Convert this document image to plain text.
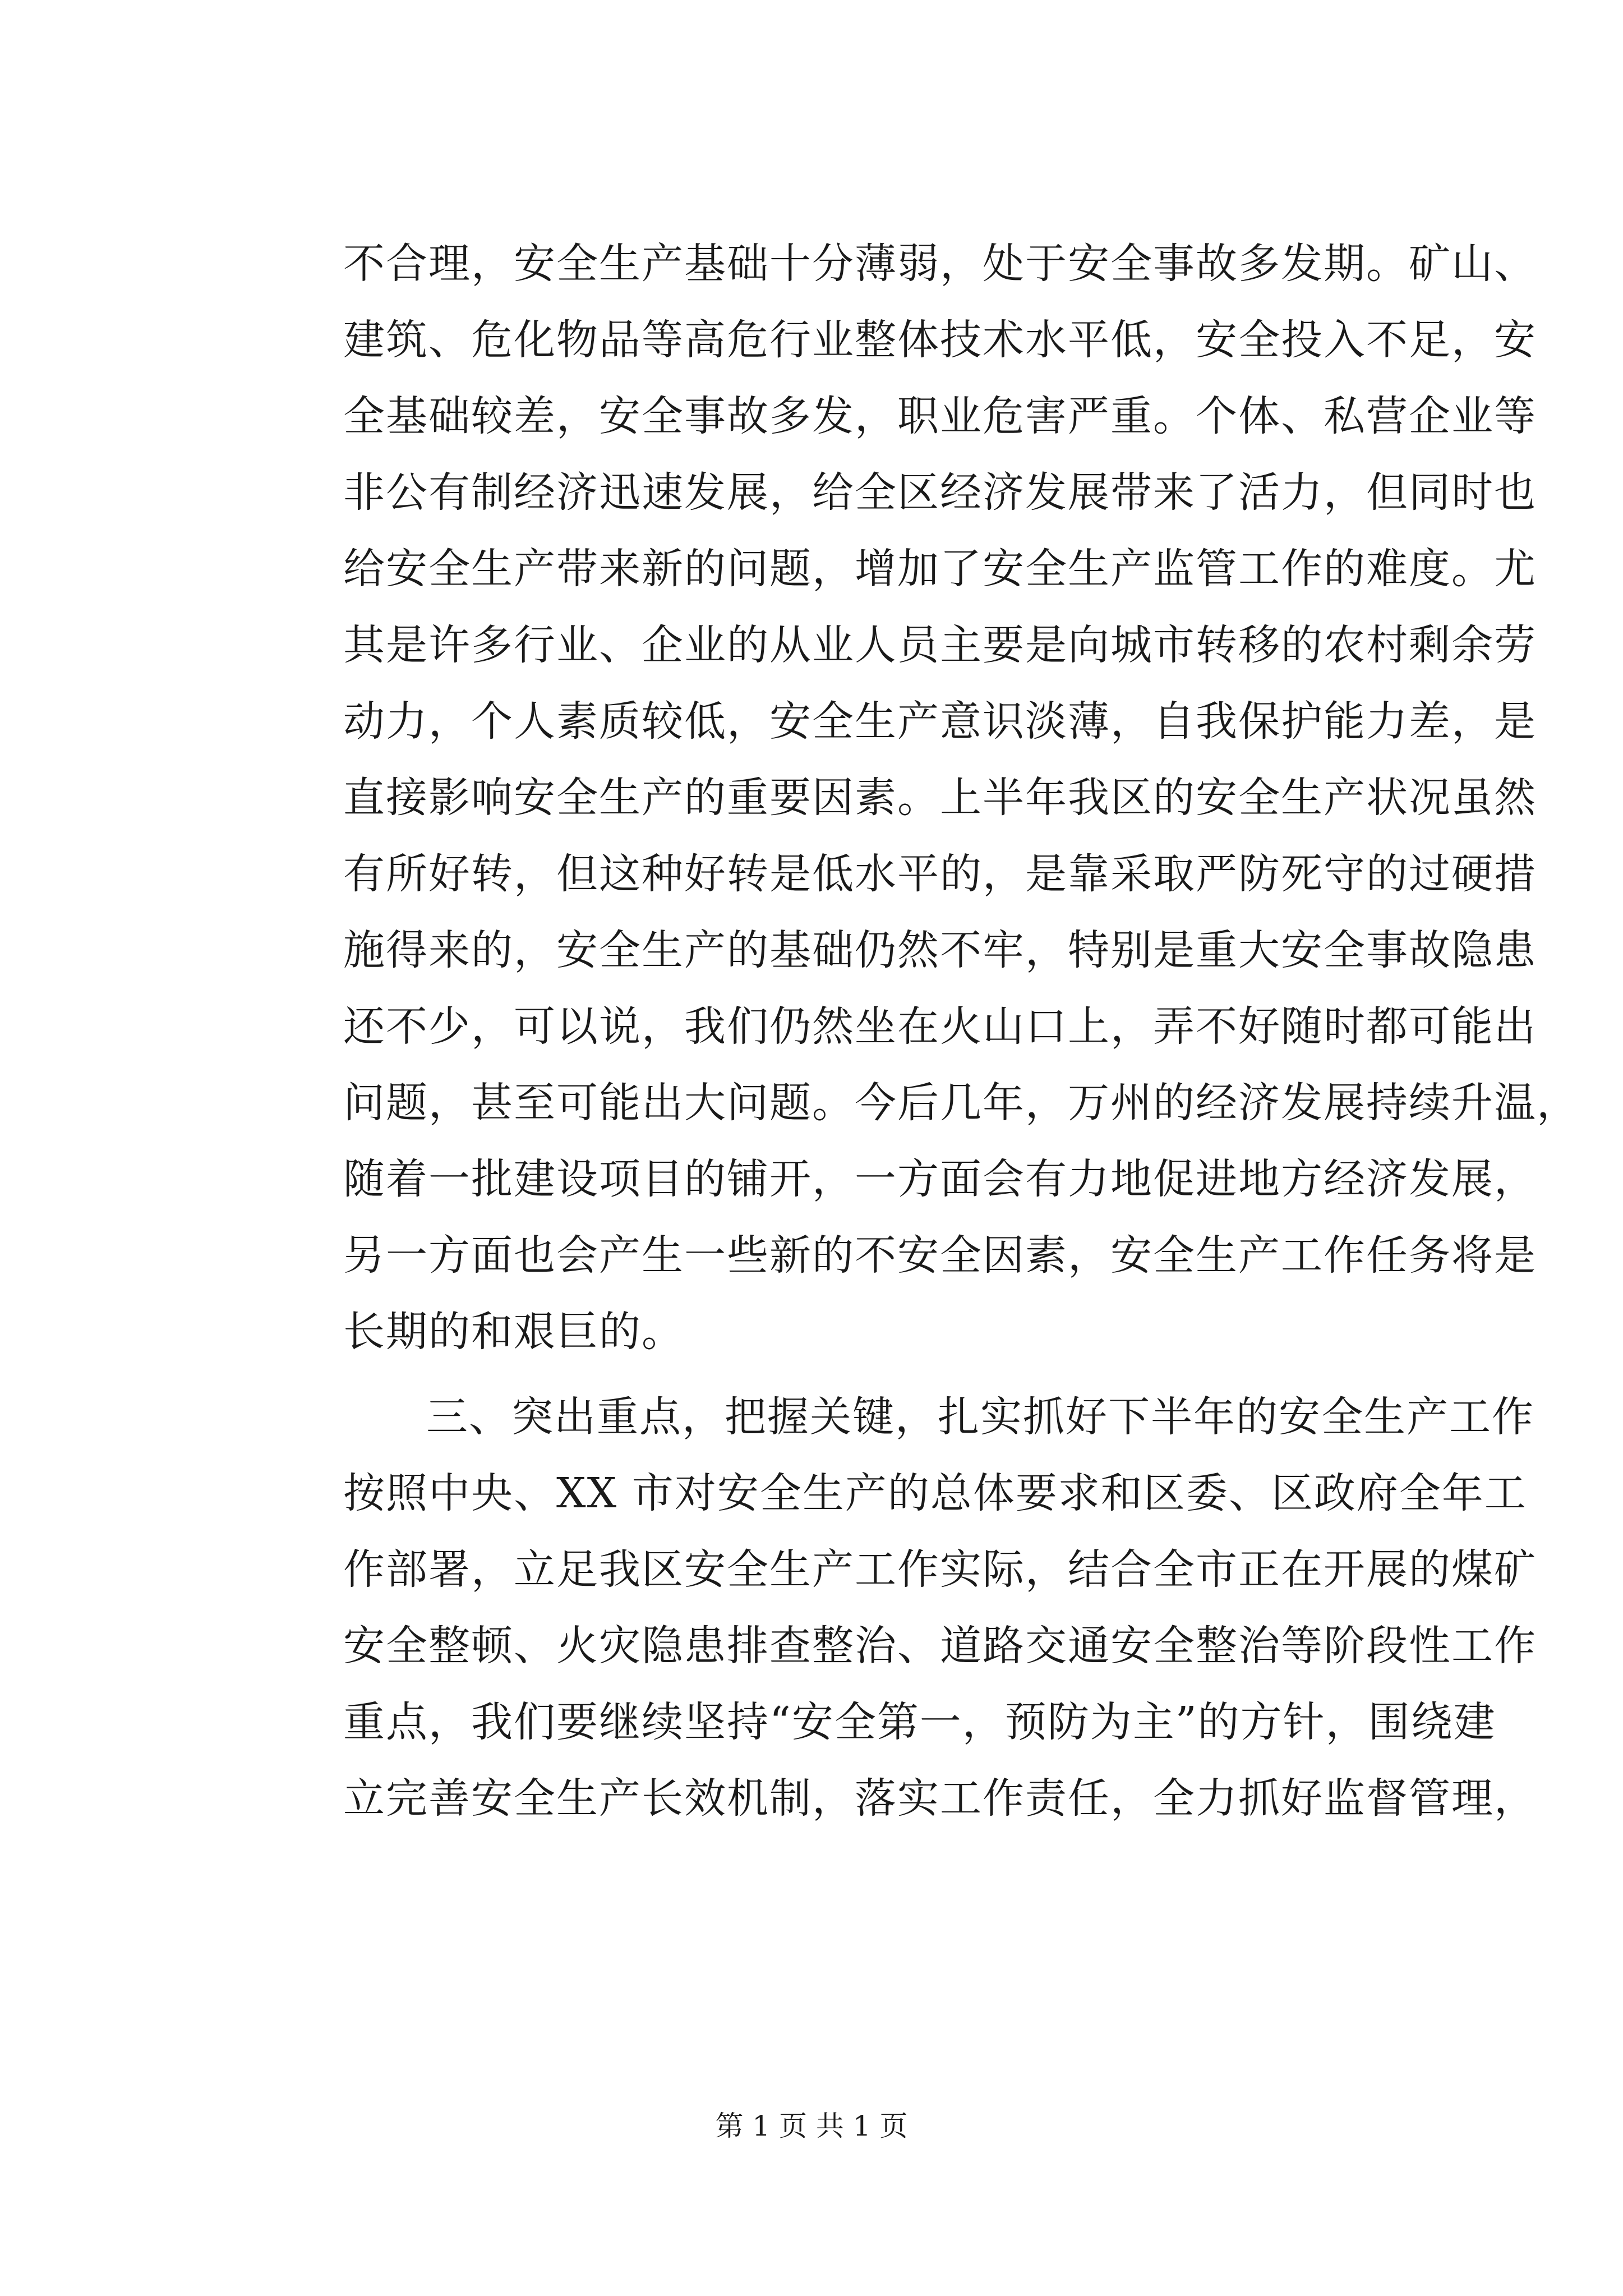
不合理，安全生产基础十分薄弱，处于安全事故多发期。矿山、
建筑、危化物品等高危行业整体技术水平低，安全投入不足，安
全基础较差，安全事故多发，职业危害严重。个体、私营企业等
非公有制经济迅速发展，给全区经济发展带来了活力，但同时也
给安全生产带来新的问题，增加了安全生产监管工作的难度。尤
其是许多行业、企业的从业人员主要是向城市转移的农村剩余劳
动力，个人素质较低，安全生产意识淡薄，自我保护能力差，是
直接影响安全生产的重要因素。上半年我区的安全生产状况虽然
有所好转，但这种好转是低水平的，是靠采取严防死守的过硬措
施得来的，安全生产的基础仍然不牢，特别是重大安全事故隐患
还不少，可以说，我们仍然坐在火山口上，弄不好随时都可能出
问题，甚至可能出大问题。今后几年，万州的经济发展持续升温，
随着一批建设项目的铺开，一方面会有力地促进地方经济发展，
另一方面也会产生一些新的不安全因素，安全生产工作任务将是
长期的和艰巨的。
三、突出重点，把握关键，扎实抓好下半年的安全生产工作
按照中央、XX 市对安全生产的总体要求和区委、区政府全年工
作部署，立足我区安全生产工作实际，结合全市正在开展的煤矿
安全整顿、火灾隐患排查整治、道路交通安全整治等阶段性工作
重点，我们要继续坚持“安全第一，预防为主”的方针，围绕建
立完善安全生产长效机制，落实工作责任，全力抓好监督管理，
第 1 页 共 1 页
